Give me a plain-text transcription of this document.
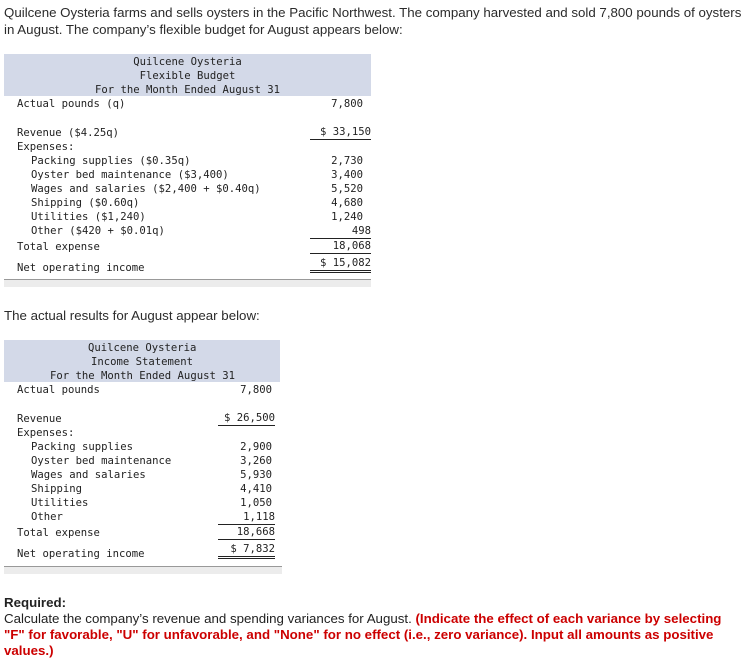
Quilcene Oysteria farms and sells oysters in the Pacific Northwest. The company harvested and sold 7,800 pounds of oysters in August. The company’s flexible budget for August appears below:
Quilcene Oysteria
Flexible Budget
For the Month Ended August 31
Actual pounds (q)	7,800
Revenue ($4.25q)	$ 33,150
Expenses:
Packing supplies ($0.35q)	2,730
Oyster bed maintenance ($3,400)	3,400
Wages and salaries ($2,400 + $0.40q)	5,520
Shipping ($0.60q)	4,680
Utilities ($1,240)	1,240
Other ($420 + $0.01q)	498
Total expense	18,068
Net operating income	$ 15,082
The actual results for August appear below:
Quilcene Oysteria
Income Statement
For the Month Ended August 31
Actual pounds	7,800
Revenue	$ 26,500
Expenses:
Packing supplies	2,900
Oyster bed maintenance	3,260
Wages and salaries	5,930
Shipping	4,410
Utilities	1,050
Other	1,118
Total expense	18,668
Net operating income	$ 7,832
Required:
Calculate the company’s revenue and spending variances for August. (Indicate the effect of each variance by selecting "F" for favorable, "U" for unfavorable, and "None" for no effect (i.e., zero variance). Input all amounts as positive values.)
